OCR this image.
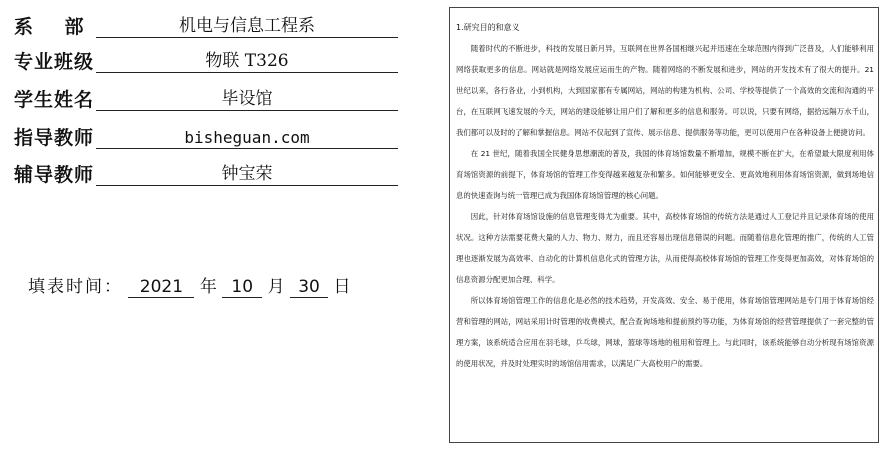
系    部	机电与信息工程系
专业班级	物联 T326
学生姓名	毕设馆
指导教师	bisheguan.com
辅导教师	钟宝荣
填表时间： 2021 年 10 月 30 日
1.研究目的和意义

随着时代的不断进步，科技的发展日新月异，互联网在世界各国相继兴起并迅速在全球范围内得到广泛普及，人们能够利用网络获取更多的信息。网站就是网络发展应运而生的产物。随着网络的不断发展和进步，网站的开发技术有了很大的提升。21 世纪以来，各行各业，小到机构，大到国家都有专属网站，网站的构建为机构、公司、学校等提供了一个高效的交流和沟通的平台，在互联网飞速发展的今天，网站的建设能够让用户们了解和更多的信息和服务。可以说，只要有网络，据拾远隔万水千山，我们都可以及时的了解和掌握信息。网站不仅起到了宣传、展示信息、提供服务等功能，更可以使用户在各种设备上便捷访问。

在 21 世纪，随着我国全民健身思想潮流的普及，我国的体育场馆数量不断增加，规模不断在扩大，在希望最大限度利用体育场馆资源的前提下，体育场馆的管理工作变得越来越复杂和繁多。如何能够更安全、更高效地利用体育场馆资源，做到场地信息的快速查询与统一管理已成为我国体育场馆管理的核心问题。

因此，针对体育场馆设施的信息管理变得尤为重要。其中，高校体育场馆的传统方法是通过人工登记并且记录体育场的使用状况。这种方法需要花费大量的人力、物力、财力，而且还容易出现信息错误的问题。而随着信息化管理的推广，传统的人工管理也逐渐发展为高效率、自动化的计算机信息化式的管理方法，从而使得高校体育场馆的管理工作变得更加高效，对体育场馆的信息资源分配更加合理、科学。

所以体育场馆管理工作的信息化是必然的技术趋势，开发高效、安全、易于使用，体育场馆管理网站是专门用于体育场馆经营和管理的网站，网站采用计时管理的收费模式，配合查询场地和提前预约等功能，为体育场馆的经营管理提供了一套完整的管理方案，该系统适合应用在羽毛球，乒乓球，网球，篮球等场地的租用和管理上。与此同时，该系统能够自动分析现有场馆资源的使用状况，并及时处理实时的场馆信用需求，以满足广大高校用户的需要。
